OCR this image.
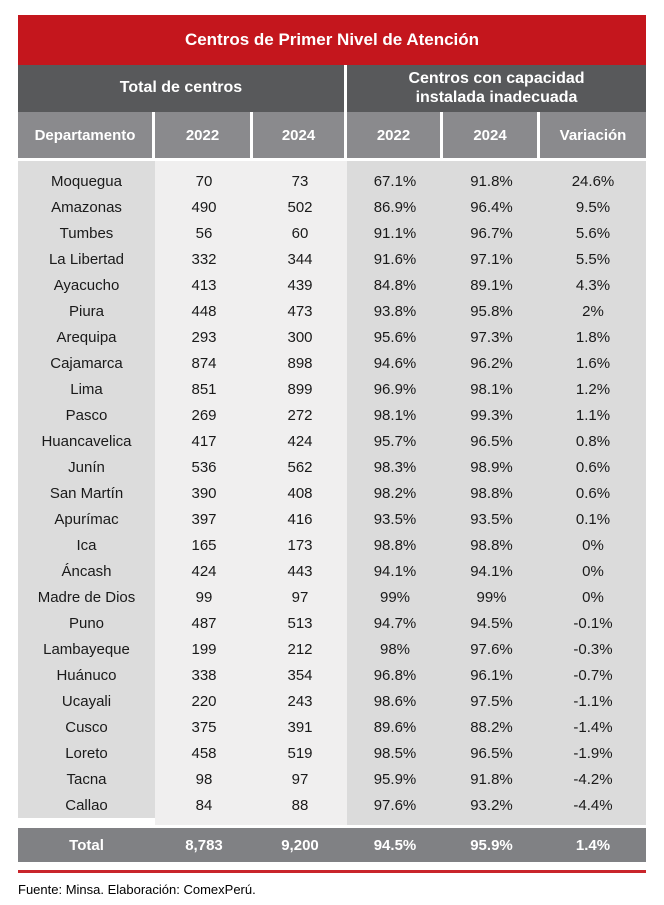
Centros de Primer Nivel de Atención
Total de centros
Centros con capacidad instalada inadecuada
Departamento	2022	2024	2022	2024	Variación
Moquegua	70	73	67.1%	91.8%	24.6%
Amazonas	490	502	86.9%	96.4%	9.5%
Tumbes	56	60	91.1%	96.7%	5.6%
La Libertad	332	344	91.6%	97.1%	5.5%
Ayacucho	413	439	84.8%	89.1%	4.3%
Piura	448	473	93.8%	95.8%	2%
Arequipa	293	300	95.6%	97.3%	1.8%
Cajamarca	874	898	94.6%	96.2%	1.6%
Lima	851	899	96.9%	98.1%	1.2%
Pasco	269	272	98.1%	99.3%	1.1%
Huancavelica	417	424	95.7%	96.5%	0.8%
Junín	536	562	98.3%	98.9%	0.6%
San Martín	390	408	98.2%	98.8%	0.6%
Apurímac	397	416	93.5%	93.5%	0.1%
Ica	165	173	98.8%	98.8%	0%
Áncash	424	443	94.1%	94.1%	0%
Madre de Dios	99	97	99%	99%	0%
Puno	487	513	94.7%	94.5%	-0.1%
Lambayeque	199	212	98%	97.6%	-0.3%
Huánuco	338	354	96.8%	96.1%	-0.7%
Ucayali	220	243	98.6%	97.5%	-1.1%
Cusco	375	391	89.6%	88.2%	-1.4%
Loreto	458	519	98.5%	96.5%	-1.9%
Tacna	98	97	95.9%	91.8%	-4.2%
Callao	84	88	97.6%	93.2%	-4.4%
Total	8,783	9,200	94.5%	95.9%	1.4%
Fuente: Minsa. Elaboración: ComexPerú.
